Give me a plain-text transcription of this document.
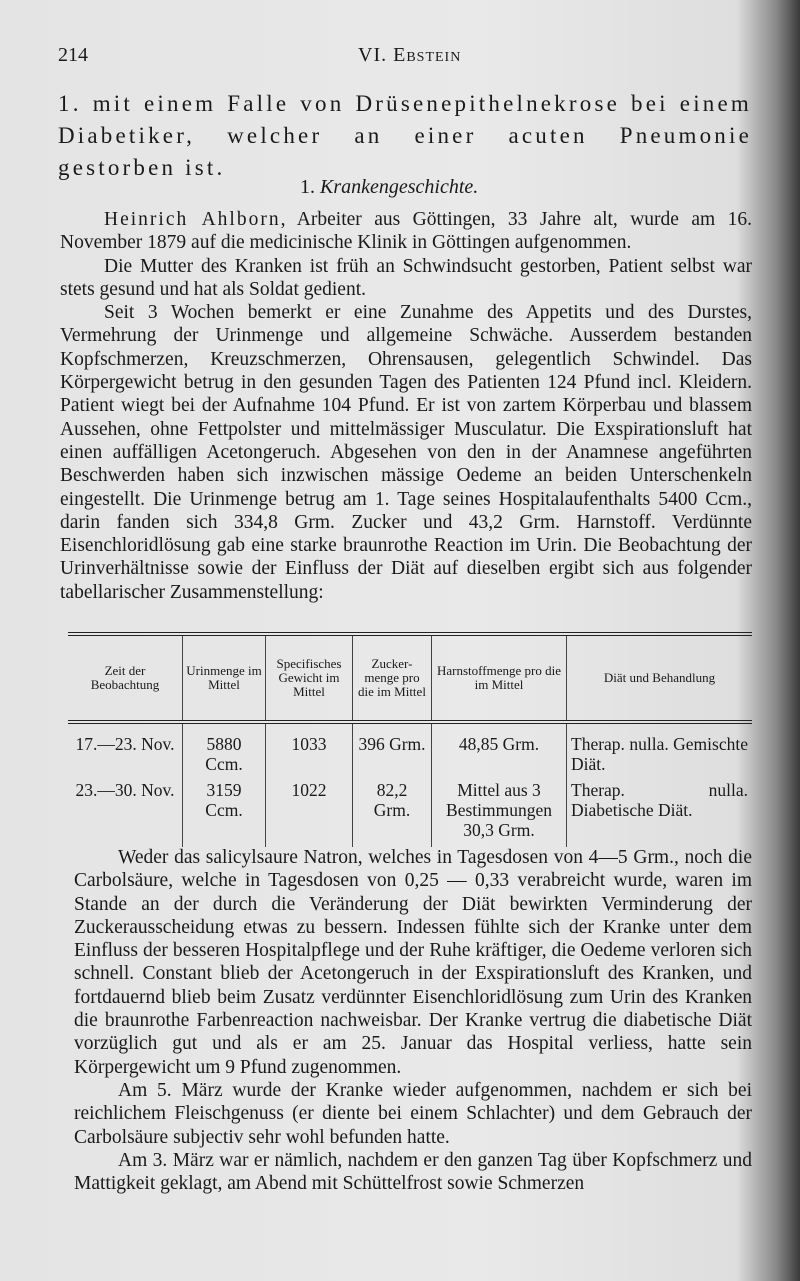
214	VI. Ebstein
1. mit einem Falle von Drüsenepithelnekrose bei einem Diabetiker, welcher an einer acuten Pneumonie gestorben ist.
1. Krankengeschichte.

Heinrich Ahlborn, Arbeiter aus Göttingen, 33 Jahre alt, wurde am 16. November 1879 auf die medicinische Klinik in Göttingen aufgenommen.

Die Mutter des Kranken ist früh an Schwindsucht gestorben, Patient selbst war stets gesund und hat als Soldat gedient.

Seit 3 Wochen bemerkt er eine Zunahme des Appetits und des Durstes, Vermehrung der Urinmenge und allgemeine Schwäche. Ausserdem bestanden Kopfschmerzen, Kreuzschmerzen, Ohrensausen, gelegentlich Schwindel. Das Körpergewicht betrug in den gesunden Tagen des Patienten 124 Pfund incl. Kleidern. Patient wiegt bei der Aufnahme 104 Pfund. Er ist von zartem Körperbau und blassem Aussehen, ohne Fettpolster und mittelmässiger Musculatur. Die Exspirationsluft hat einen auffälligen Acetongeruch. Abgesehen von den in der Anamnese angeführten Beschwerden haben sich inzwischen mässige Oedeme an beiden Unterschenkeln eingestellt. Die Urinmenge betrug am 1. Tage seines Hospitalaufenthalts 5400 Ccm., darin fanden sich 334,8 Grm. Zucker und 43,2 Grm. Harnstoff. Verdünnte Eisenchloridlösung gab eine starke braunrothe Reaction im Urin. Die Beobachtung der Urinverhältnisse sowie der Einfluss der Diät auf dieselben ergibt sich aus folgender tabellarischer Zusammenstellung:

Zeit der Beobachtung	Urinmenge im Mittel	Specifisches Gewicht im Mittel	Zucker-menge pro die im Mittel	Harnstoffmenge pro die im Mittel	Diät und Behandlung
17.—23. Nov.	5880 Ccm.	1033	396 Grm.	48,85 Grm.	Therap. nulla. Gemischte Diät.
23.—30. Nov.	3159 Ccm.	1022	82,2 Grm.	Mittel aus 3 Bestimmungen 30,3 Grm.	Therap. nulla. Diabetische Diät.

Weder das salicylsaure Natron, welches in Tagesdosen von 4—5 Grm., noch die Carbolsäure, welche in Tagesdosen von 0,25 — 0,33 verabreicht wurde, waren im Stande an der durch die Veränderung der Diät bewirkten Verminderung der Zuckerausscheidung etwas zu bessern. Indessen fühlte sich der Kranke unter dem Einfluss der besseren Hospitalpflege und der Ruhe kräftiger, die Oedeme verloren sich schnell. Constant blieb der Acetongeruch in der Exspirationsluft des Kranken, und fortdauernd blieb beim Zusatz verdünnter Eisenchloridlösung zum Urin des Kranken die braunrothe Farbenreaction nachweisbar. Der Kranke vertrug die diabetische Diät vorzüglich gut und als er am 25. Januar das Hospital verliess, hatte sein Körpergewicht um 9 Pfund zugenommen.

Am 5. März wurde der Kranke wieder aufgenommen, nachdem er sich bei reichlichem Fleischgenuss (er diente bei einem Schlachter) und dem Gebrauch der Carbolsäure subjectiv sehr wohl befunden hatte.

Am 3. März war er nämlich, nachdem er den ganzen Tag über Kopfschmerz und Mattigkeit geklagt, am Abend mit Schüttelfrost sowie Schmerzen
